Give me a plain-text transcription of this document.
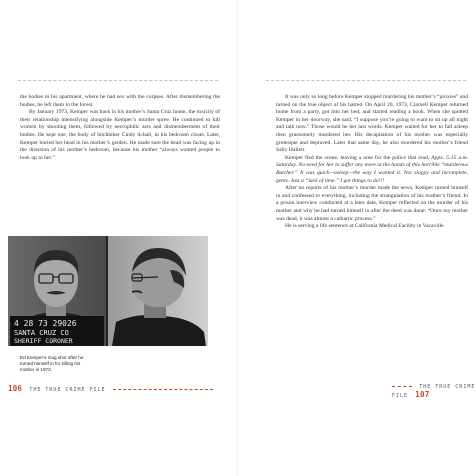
the bodies to his apartment, where he had sex with the corpses. After dismembering the bodies, he left them in the forest.

By January 1973, Kemper was back in his mother’s Santa Cruz home, the toxicity of their relationship intensifying alongside Kemper’s murder spree. He continued to kill women by shooting them, followed by necrophilic acts and dismemberment of their bodies. He kept one, the body of hitchhiker Cindy Schall, in his bedroom closet. Later, Kemper buried her head in his mother’s garden. He made sure the head was facing up in the direction of his mother’s bedroom, because his mother “always wanted people to look up to her.”

4 28 73 29026
SANTA CRUZ CO
SHERIFF CORONER
Ed Kemper’s mug shot after he turned himself in for killing his mother in 1973.
106 THE TRUE CRIME FILE

It was only so long before Kemper stopped murdering his mother’s “proxies” and turned on the true object of his hatred. On April 20, 1973, Clarnell Kemper returned home from a party, got into her bed, and started reading a book. When she spotted Kemper in her doorway, she said, “I suppose you’re going to want to sit up all night and talk now.” Those would be her last words. Kemper waited for her to fall asleep then gruesomely murdered her. His decapitation of his mother was especially grotesque and depraved. Later that same day, he also murdered his mother’s friend Sally Hallett.

Kemper fled the scene, leaving a note for the police that read, Appx. 5:15 a.m. Saturday. No need for her to suffer any more at the hands of this horrible “murderous Butcher.” It was quick—asleep—the way I wanted it. Not sloppy and incomplete, gents. Just a “lack of time.” I got things to do!!!

After no reports of his mother’s murder made the news, Kemper turned himself in and confessed to everything, including the strangulation of his mother’s friend. In a prison interview conducted at a later date, Kemper reflected on the murder of his mother and why he had turned himself in after the deed was done: “Once my mother was dead, it was almost a cathartic process.”

He is serving a life sentence at California Medical Facility in Vacaville.

THE TRUE CRIME FILE 107
